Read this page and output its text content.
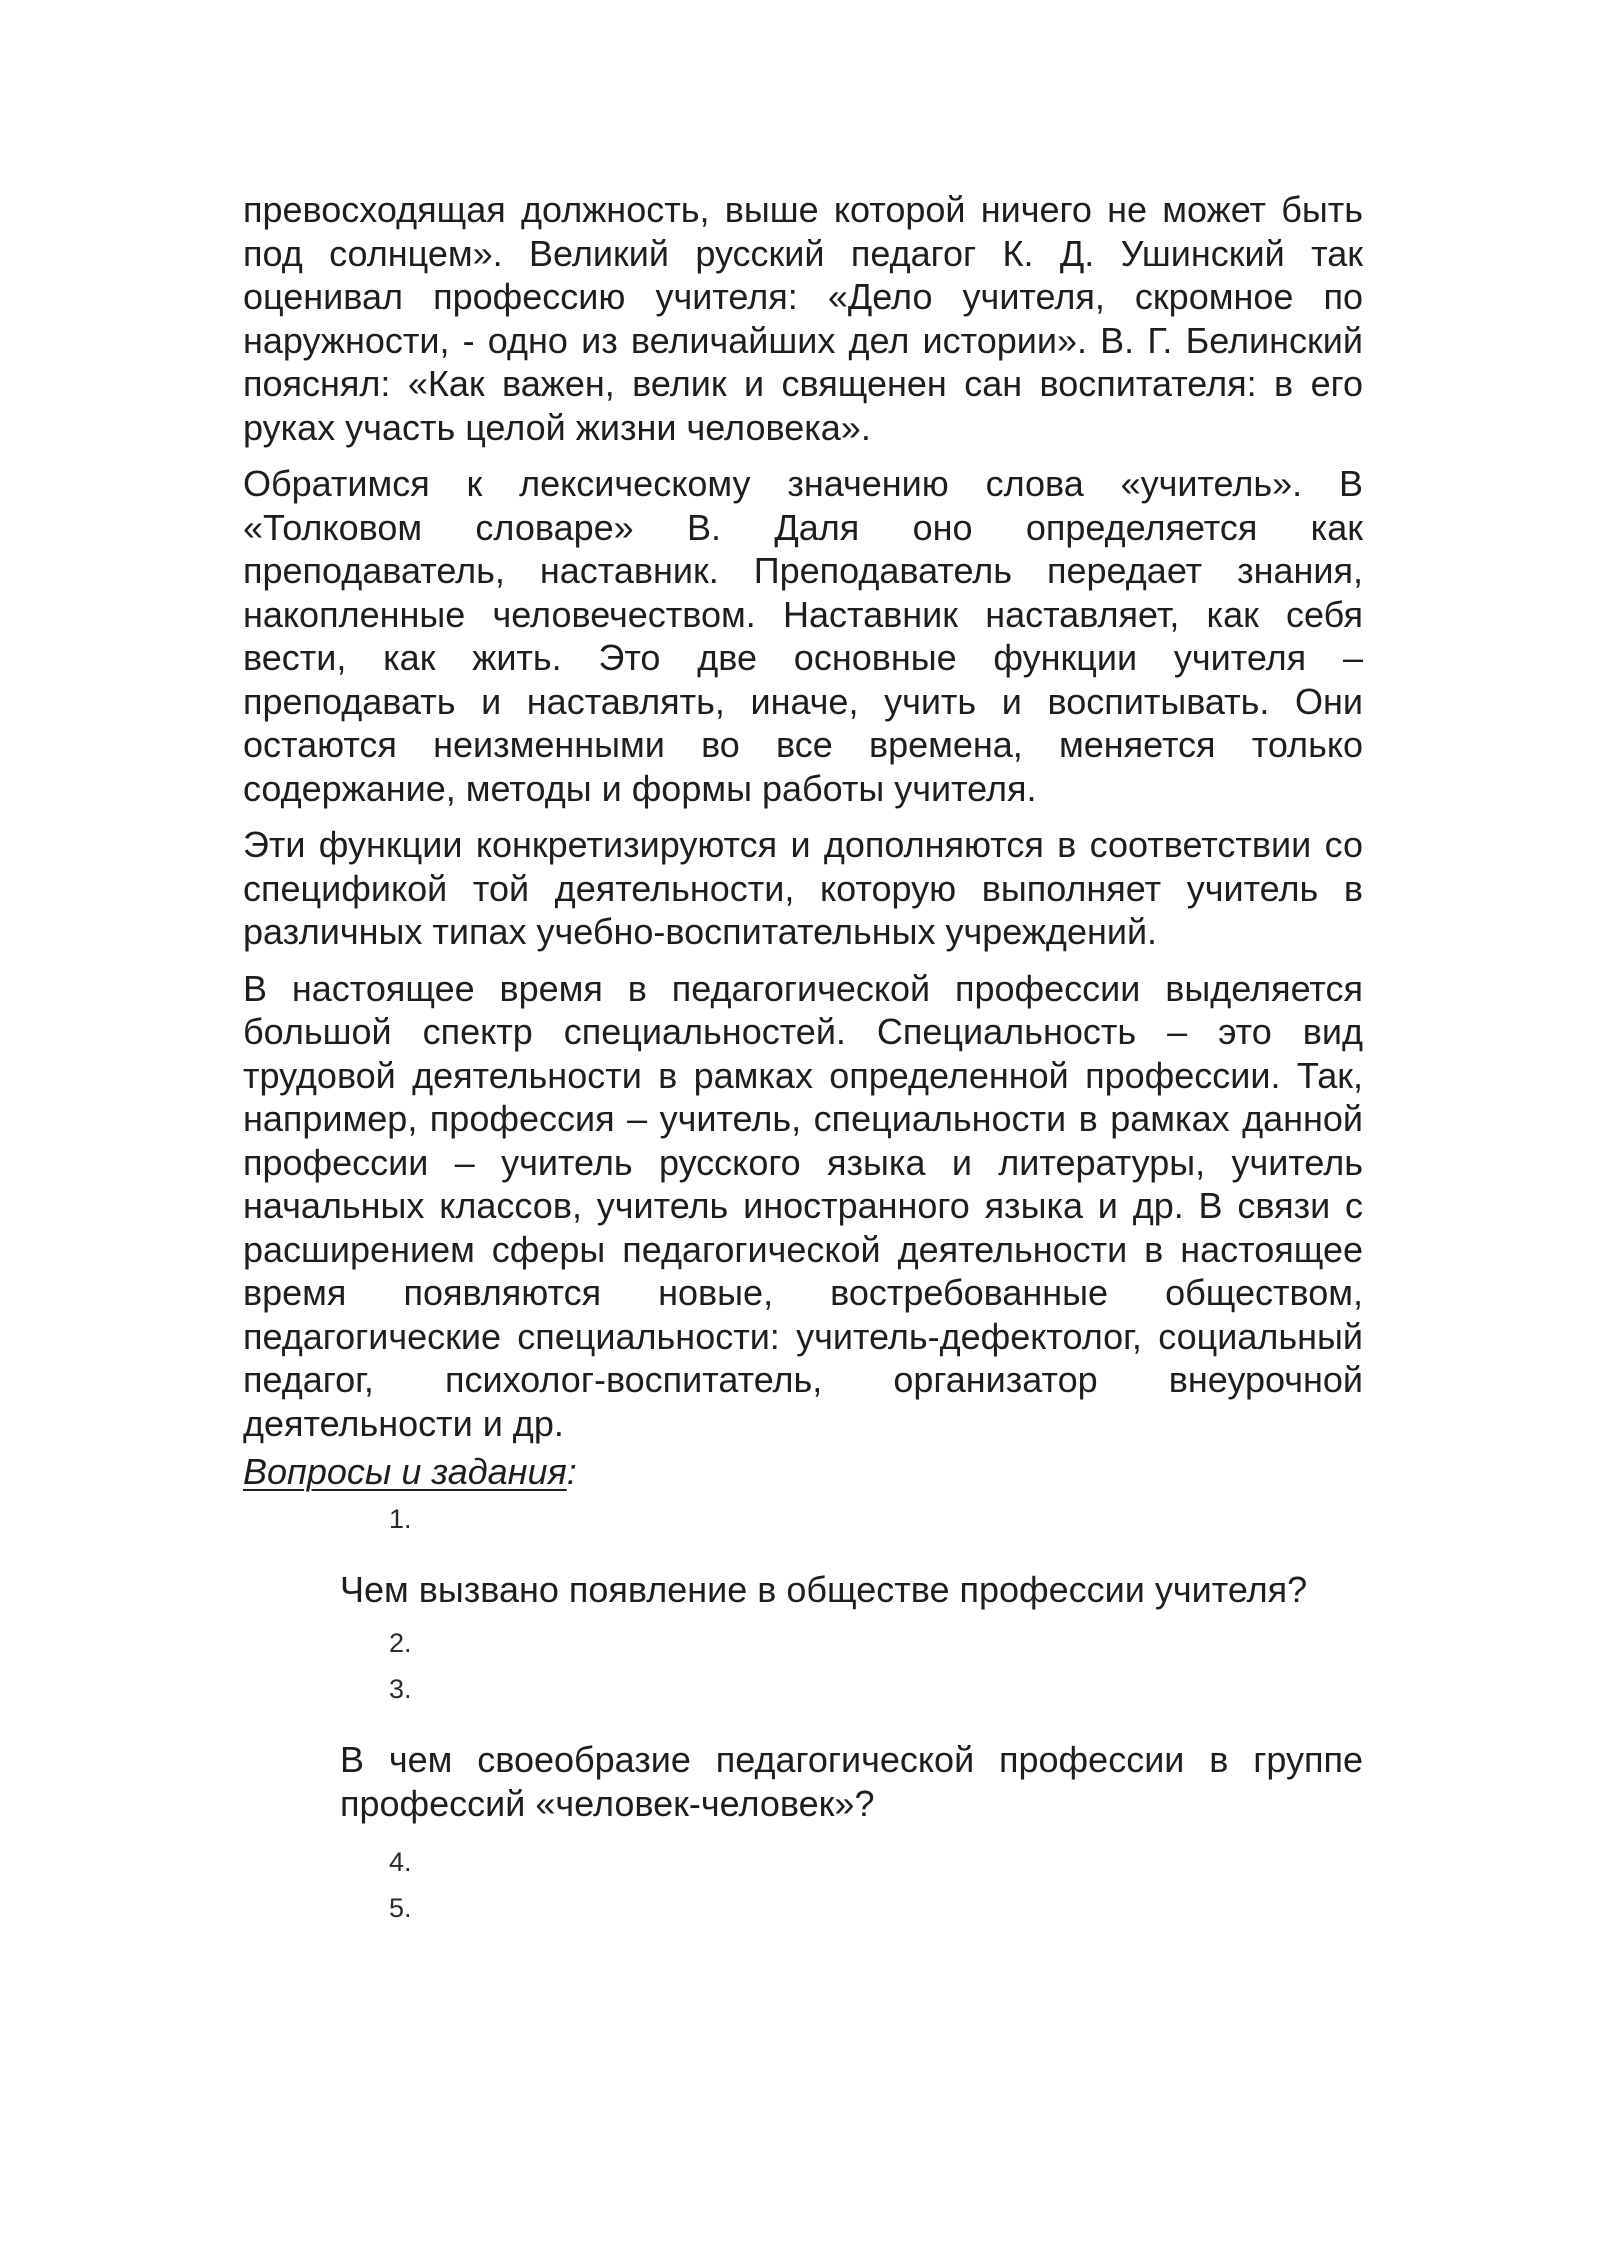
превосходящая должность, выше которой ничего не может быть под солнцем». Великий русский педагог К. Д. Ушинский так оценивал профессию учителя: «Дело учителя, скромное по наружности, - одно из величайших дел истории». В. Г. Белинский пояснял: «Как важен, велик и священен сан воспитателя: в его руках участь целой жизни человека».

Обратимся к лексическому значению слова «учитель». В «Толковом словаре» В. Даля оно определяется как преподаватель, наставник. Преподаватель передает знания, накопленные человечеством. Наставник наставляет, как себя вести, как жить. Это две основные функции учителя – преподавать и наставлять, иначе, учить и воспитывать. Они остаются неизменными во все времена, меняется только содержание, методы и формы работы учителя.

Эти функции конкретизируются и дополняются в соответствии со спецификой той деятельности, которую выполняет учитель в различных типах учебно-воспитательных учреждений.

В настоящее время в педагогической профессии выделяется большой спектр специальностей. Специальность – это вид трудовой деятельности в рамках определенной профессии. Так, например, профессия – учитель, специальности в рамках данной профессии – учитель русского языка и литературы, учитель начальных классов, учитель иностранного языка и др. В связи с расширением сферы педагогической деятельности в настоящее время появляются новые, востребованные обществом, педагогические специальности: учитель-дефектолог, социальный педагог, психолог-воспитатель, организатор внеурочной деятельности и др.

Вопросы и задания:
1.

Чем вызвано появление в обществе профессии учителя?

2.
3.

В чем своеобразие педагогической профессии в группе профессий «человек-человек»?

4.
5.
